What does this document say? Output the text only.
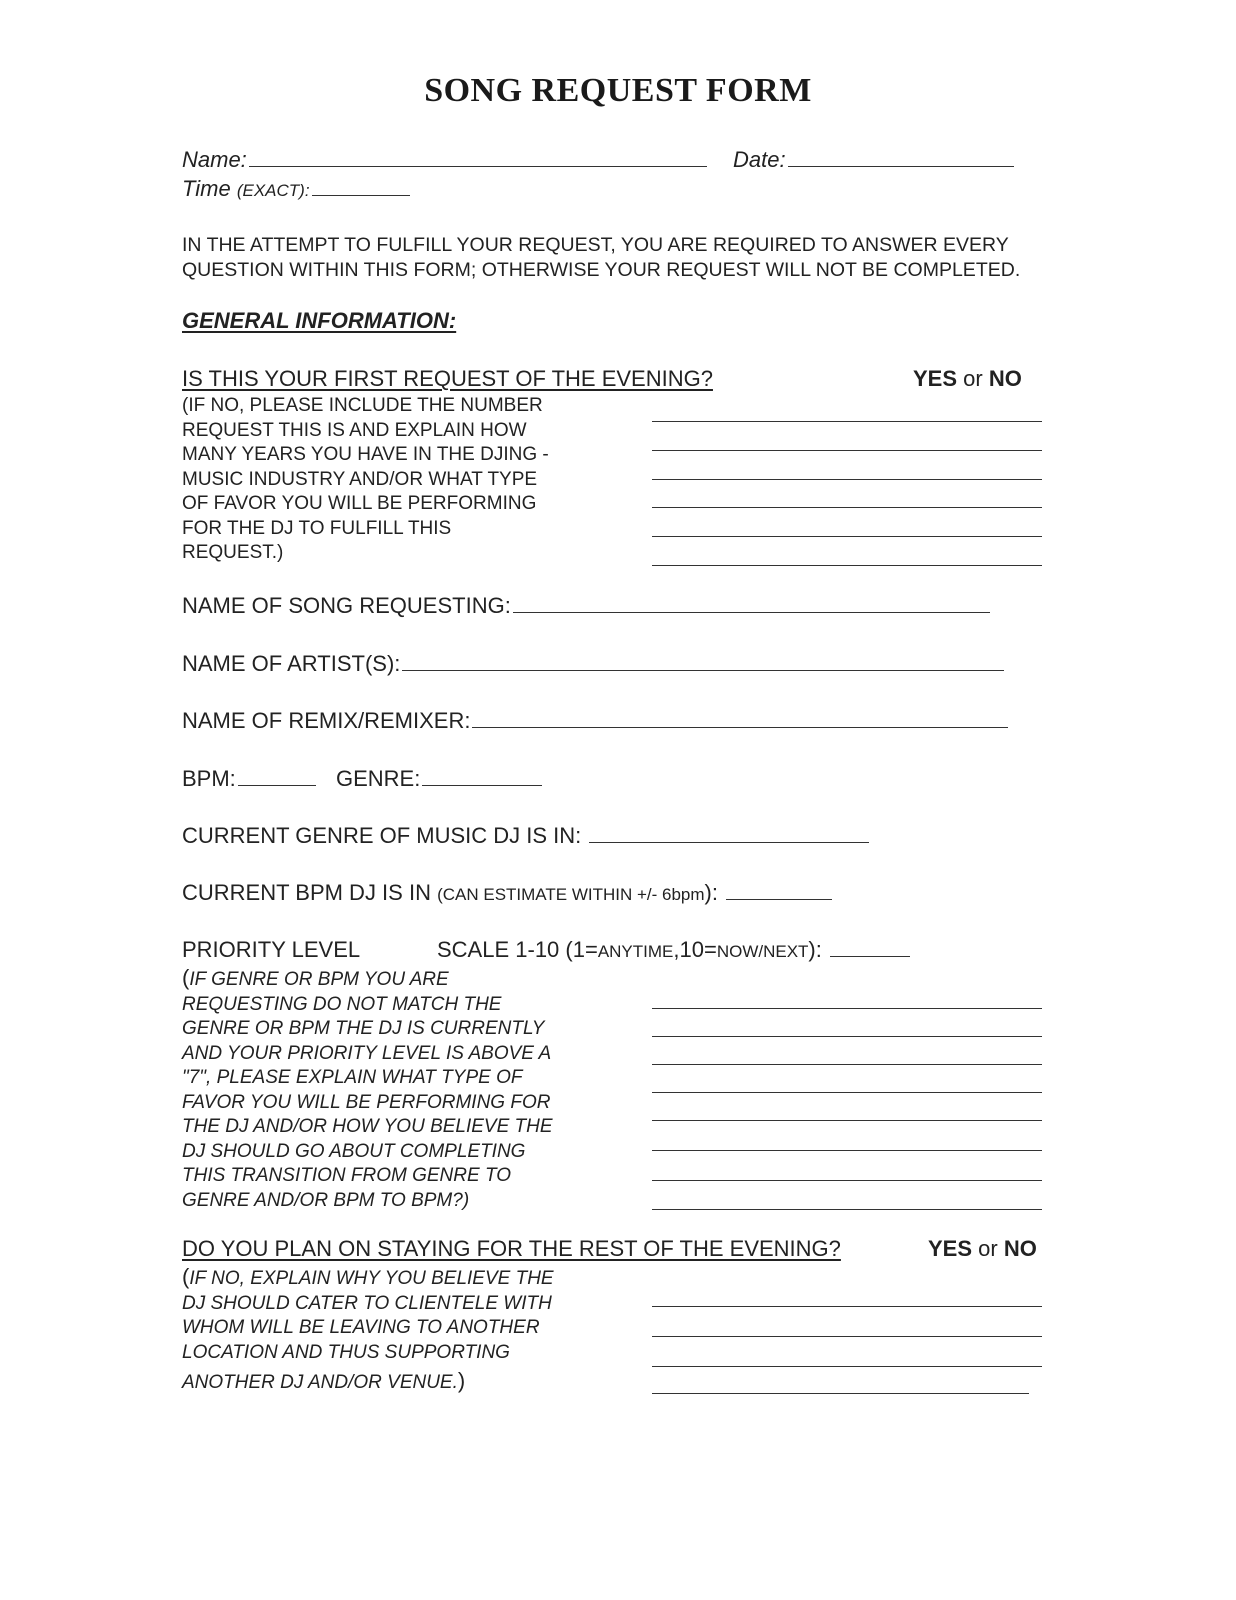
SONG REQUEST FORM
Name:	Date:
Time (EXACT):
IN THE ATTEMPT TO FULFILL YOUR REQUEST, YOU ARE REQUIRED TO ANSWER EVERY
QUESTION WITHIN THIS FORM; OTHERWISE YOUR REQUEST WILL NOT BE COMPLETED.
GENERAL INFORMATION:
IS THIS YOUR FIRST REQUEST OF THE EVENING?	YES or NO
(IF NO, PLEASE INCLUDE THE NUMBER
REQUEST THIS IS AND EXPLAIN HOW
MANY YEARS YOU HAVE IN THE DJING -
MUSIC INDUSTRY AND/OR WHAT TYPE
OF FAVOR YOU WILL BE PERFORMING
FOR THE DJ TO FULFILL THIS
REQUEST.)
NAME OF SONG REQUESTING:
NAME OF ARTIST(S):
NAME OF REMIX/REMIXER:
BPM:	GENRE:
CURRENT GENRE OF MUSIC DJ IS IN:
CURRENT BPM DJ IS IN (CAN ESTIMATE WITHIN +/- 6bpm):
PRIORITY LEVEL	SCALE 1-10 (1=ANYTIME,10=NOW/NEXT):
(IF GENRE OR BPM YOU ARE
REQUESTING DO NOT MATCH THE
GENRE OR BPM THE DJ IS CURRENTLY
AND YOUR PRIORITY LEVEL IS ABOVE A
"7", PLEASE EXPLAIN WHAT TYPE OF
FAVOR YOU WILL BE PERFORMING FOR
THE DJ AND/OR HOW YOU BELIEVE THE
DJ SHOULD GO ABOUT COMPLETING
THIS TRANSITION FROM GENRE TO
GENRE AND/OR BPM TO BPM?)
DO YOU PLAN ON STAYING FOR THE REST OF THE EVENING?	YES or NO
(IF NO, EXPLAIN WHY YOU BELIEVE THE
DJ SHOULD CATER TO CLIENTELE WITH
WHOM WILL BE LEAVING TO ANOTHER
LOCATION AND THUS SUPPORTING
ANOTHER DJ AND/OR VENUE.)
